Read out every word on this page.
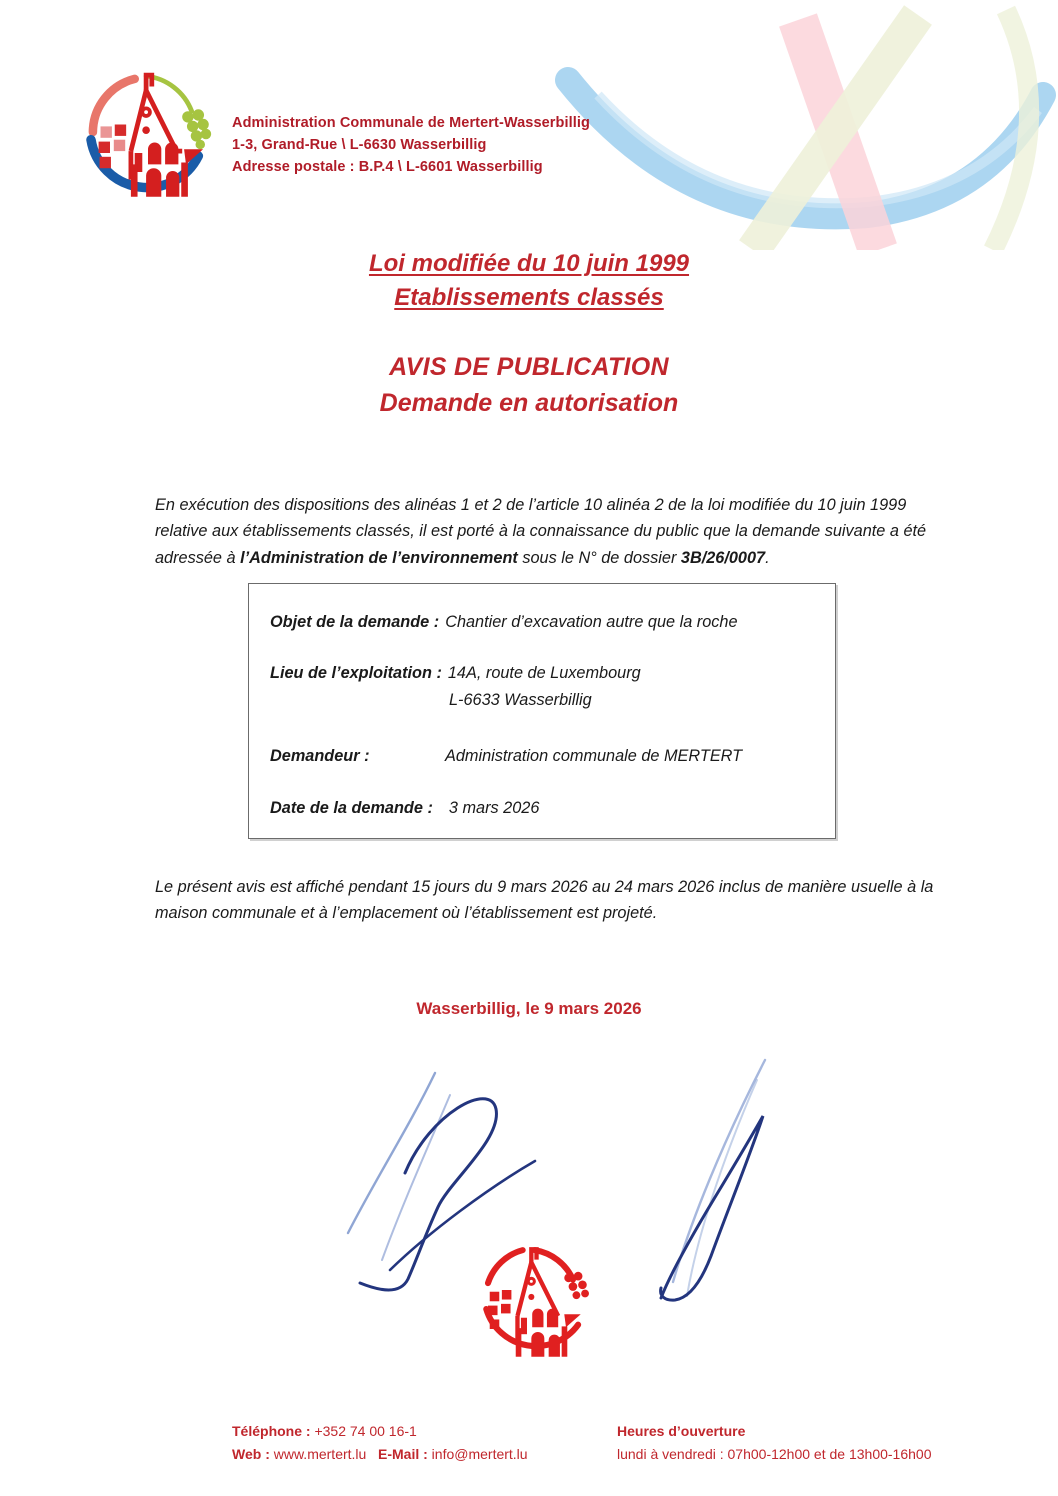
Administration Communale de Mertert-Wasserbillig
1-3, Grand-Rue \ L-6630 Wasserbillig
Adresse postale : B.P.4 \ L-6601 Wasserbillig
Loi modifiée du 10 juin 1999
Etablissements classés
AVIS DE PUBLICATION
Demande en autorisation
En exécution des dispositions des alinéas 1 et 2 de l’article 10 alinéa 2 de la loi modifiée du 10 juin 1999 relative aux établissements classés, il est porté à la connaissance du public que la demande suivante a été adressée à l’Administration de l’environnement sous le N° de dossier 3B/26/0007.
Objet de la demande : Chantier d’excavation autre que la roche
Lieu de l’exploitation : 14A, route de Luxembourg
L-6633 Wasserbillig
Demandeur :	Administration communale de MERTERT
Date de la demande : 3 mars 2026
Le présent avis est affiché pendant 15 jours du 9 mars 2026 au 24 mars 2026 inclus de manière usuelle à la maison communale et à l’emplacement où l’établissement est projeté.
Wasserbillig, le 9 mars 2026
Téléphone : +352 74 00 16-1
Web : www.mertert.lu E-Mail : info@mertert.lu
Heures d’ouverture
lundi à vendredi : 07h00-12h00 et de 13h00-16h00
